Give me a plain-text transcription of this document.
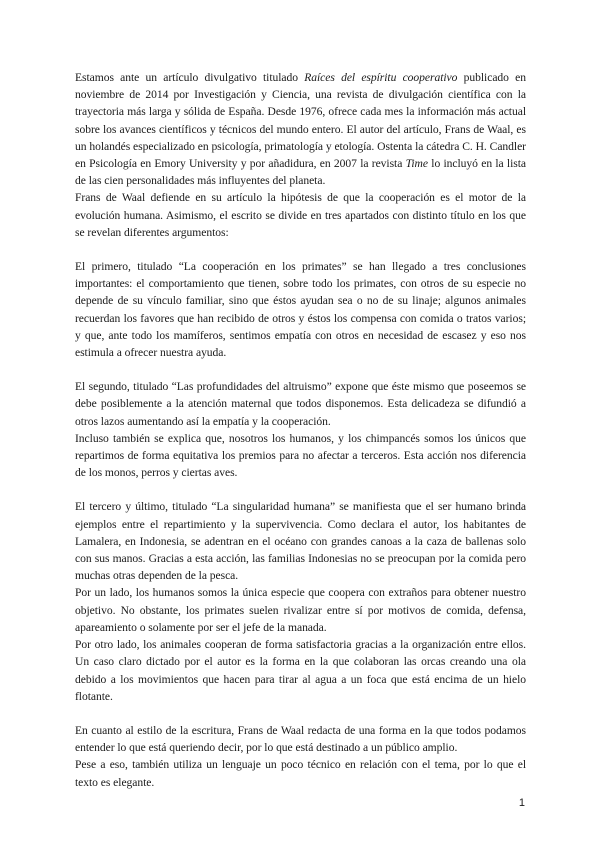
Estamos ante un artículo divulgativo titulado Raíces del espíritu cooperativo publicado en noviembre de 2014 por Investigación y Ciencia, una revista de divulgación científica con la trayectoria más larga y sólida de España. Desde 1976, ofrece cada mes la información más actual sobre los avances científicos y técnicos del mundo entero. El autor del artículo, Frans de Waal, es un holandés especializado en psicología, primatología y etología. Ostenta la cátedra C. H. Candler en Psicología en Emory University y por añadidura, en 2007 la revista Time lo incluyó en la lista de las cien personalidades más influyentes del planeta.

Frans de Waal defiende en su artículo la hipótesis de que la cooperación es el motor de la evolución humana. Asimismo, el escrito se divide en tres apartados con distinto título en los que se revelan diferentes argumentos:

El primero, titulado “La cooperación en los primates” se han llegado a tres conclusiones importantes: el comportamiento que tienen, sobre todo los primates, con otros de su especie no depende de su vínculo familiar, sino que éstos ayudan sea o no de su linaje; algunos animales recuerdan los favores que han recibido de otros y éstos los compensa con comida o tratos varios; y que, ante todo los mamíferos, sentimos empatía con otros en necesidad de escasez y eso nos estimula a ofrecer nuestra ayuda.

El segundo, titulado “Las profundidades del altruismo” expone que éste mismo que poseemos se debe posiblemente a la atención maternal que todos disponemos. Esta delicadeza se difundió a otros lazos aumentando así la empatía y la cooperación.

Incluso también se explica que, nosotros los humanos, y los chimpancés somos los únicos que repartimos de forma equitativa los premios para no afectar a terceros. Esta acción nos diferencia de los monos, perros y ciertas aves.

El tercero y último, titulado “La singularidad humana” se manifiesta que el ser humano brinda ejemplos entre el repartimiento y la supervivencia. Como declara el autor, los habitantes de Lamalera, en Indonesia, se adentran en el océano con grandes canoas a la caza de ballenas solo con sus manos. Gracias a esta acción, las familias Indonesias no se preocupan por la comida pero muchas otras dependen de la pesca.

Por un lado, los humanos somos la única especie que coopera con extraños para obtener nuestro objetivo. No obstante, los primates suelen rivalizar entre sí por motivos de comida, defensa, apareamiento o solamente por ser el jefe de la manada.

Por otro lado, los animales cooperan de forma satisfactoria gracias a la organización entre ellos. Un caso claro dictado por el autor es la forma en la que colaboran las orcas creando una ola debido a los movimientos que hacen para tirar al agua a un foca que está encima de un hielo flotante.

En cuanto al estilo de la escritura, Frans de Waal redacta de una forma en la que todos podamos entender lo que está queriendo decir, por lo que está destinado a un público amplio.

Pese a eso, también utiliza un lenguaje un poco técnico en relación con el tema, por lo que el texto es elegante.

1
